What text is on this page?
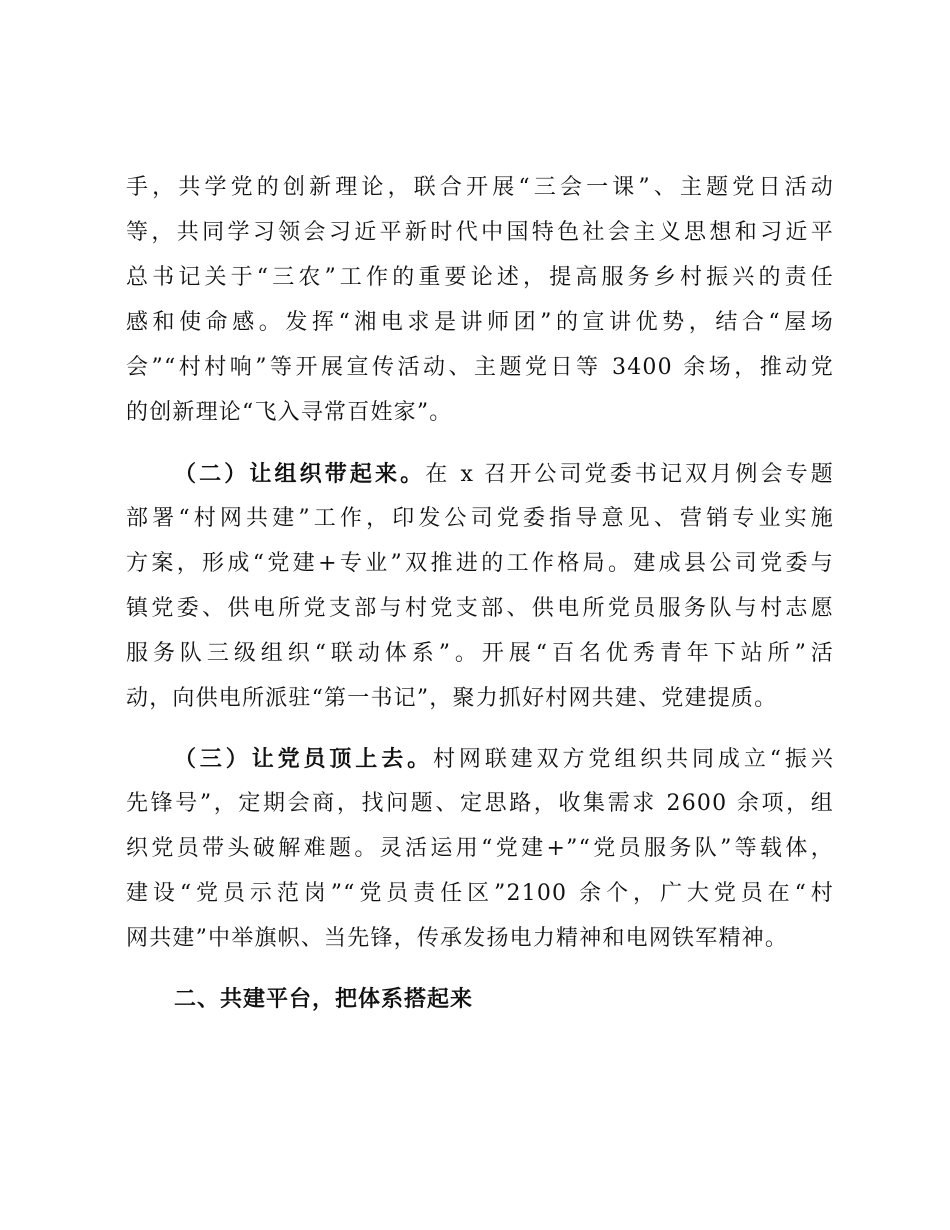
手，共学党的创新理论，联合开展“三会一课”、主题党日活动
等，共同学习领会习近平新时代中国特色社会主义思想和习近平
总书记关于“三农”工作的重要论述，提高服务乡村振兴的责任
感和使命感。发挥“湘电求是讲师团”的宣讲优势，结合“屋场
会”“村村响”等开展宣传活动、主题党日等 3400 余场，推动党
的创新理论“飞入寻常百姓家”。
（二）让组织带起来。在 x 召开公司党委书记双月例会专题
部署“村网共建”工作，印发公司党委指导意见、营销专业实施
方案，形成“党建+专业”双推进的工作格局。建成县公司党委与
镇党委、供电所党支部与村党支部、供电所党员服务队与村志愿
服务队三级组织“联动体系”。开展“百名优秀青年下站所”活
动，向供电所派驻“第一书记”，聚力抓好村网共建、党建提质。
（三）让党员顶上去。村网联建双方党组织共同成立“振兴
先锋号”，定期会商，找问题、定思路，收集需求 2600 余项，组
织党员带头破解难题。灵活运用“党建+”“党员服务队”等载体，
建设“党员示范岗”“党员责任区”2100 余个，广大党员在“村
网共建”中举旗帜、当先锋，传承发扬电力精神和电网铁军精神。
二、共建平台，把体系搭起来
